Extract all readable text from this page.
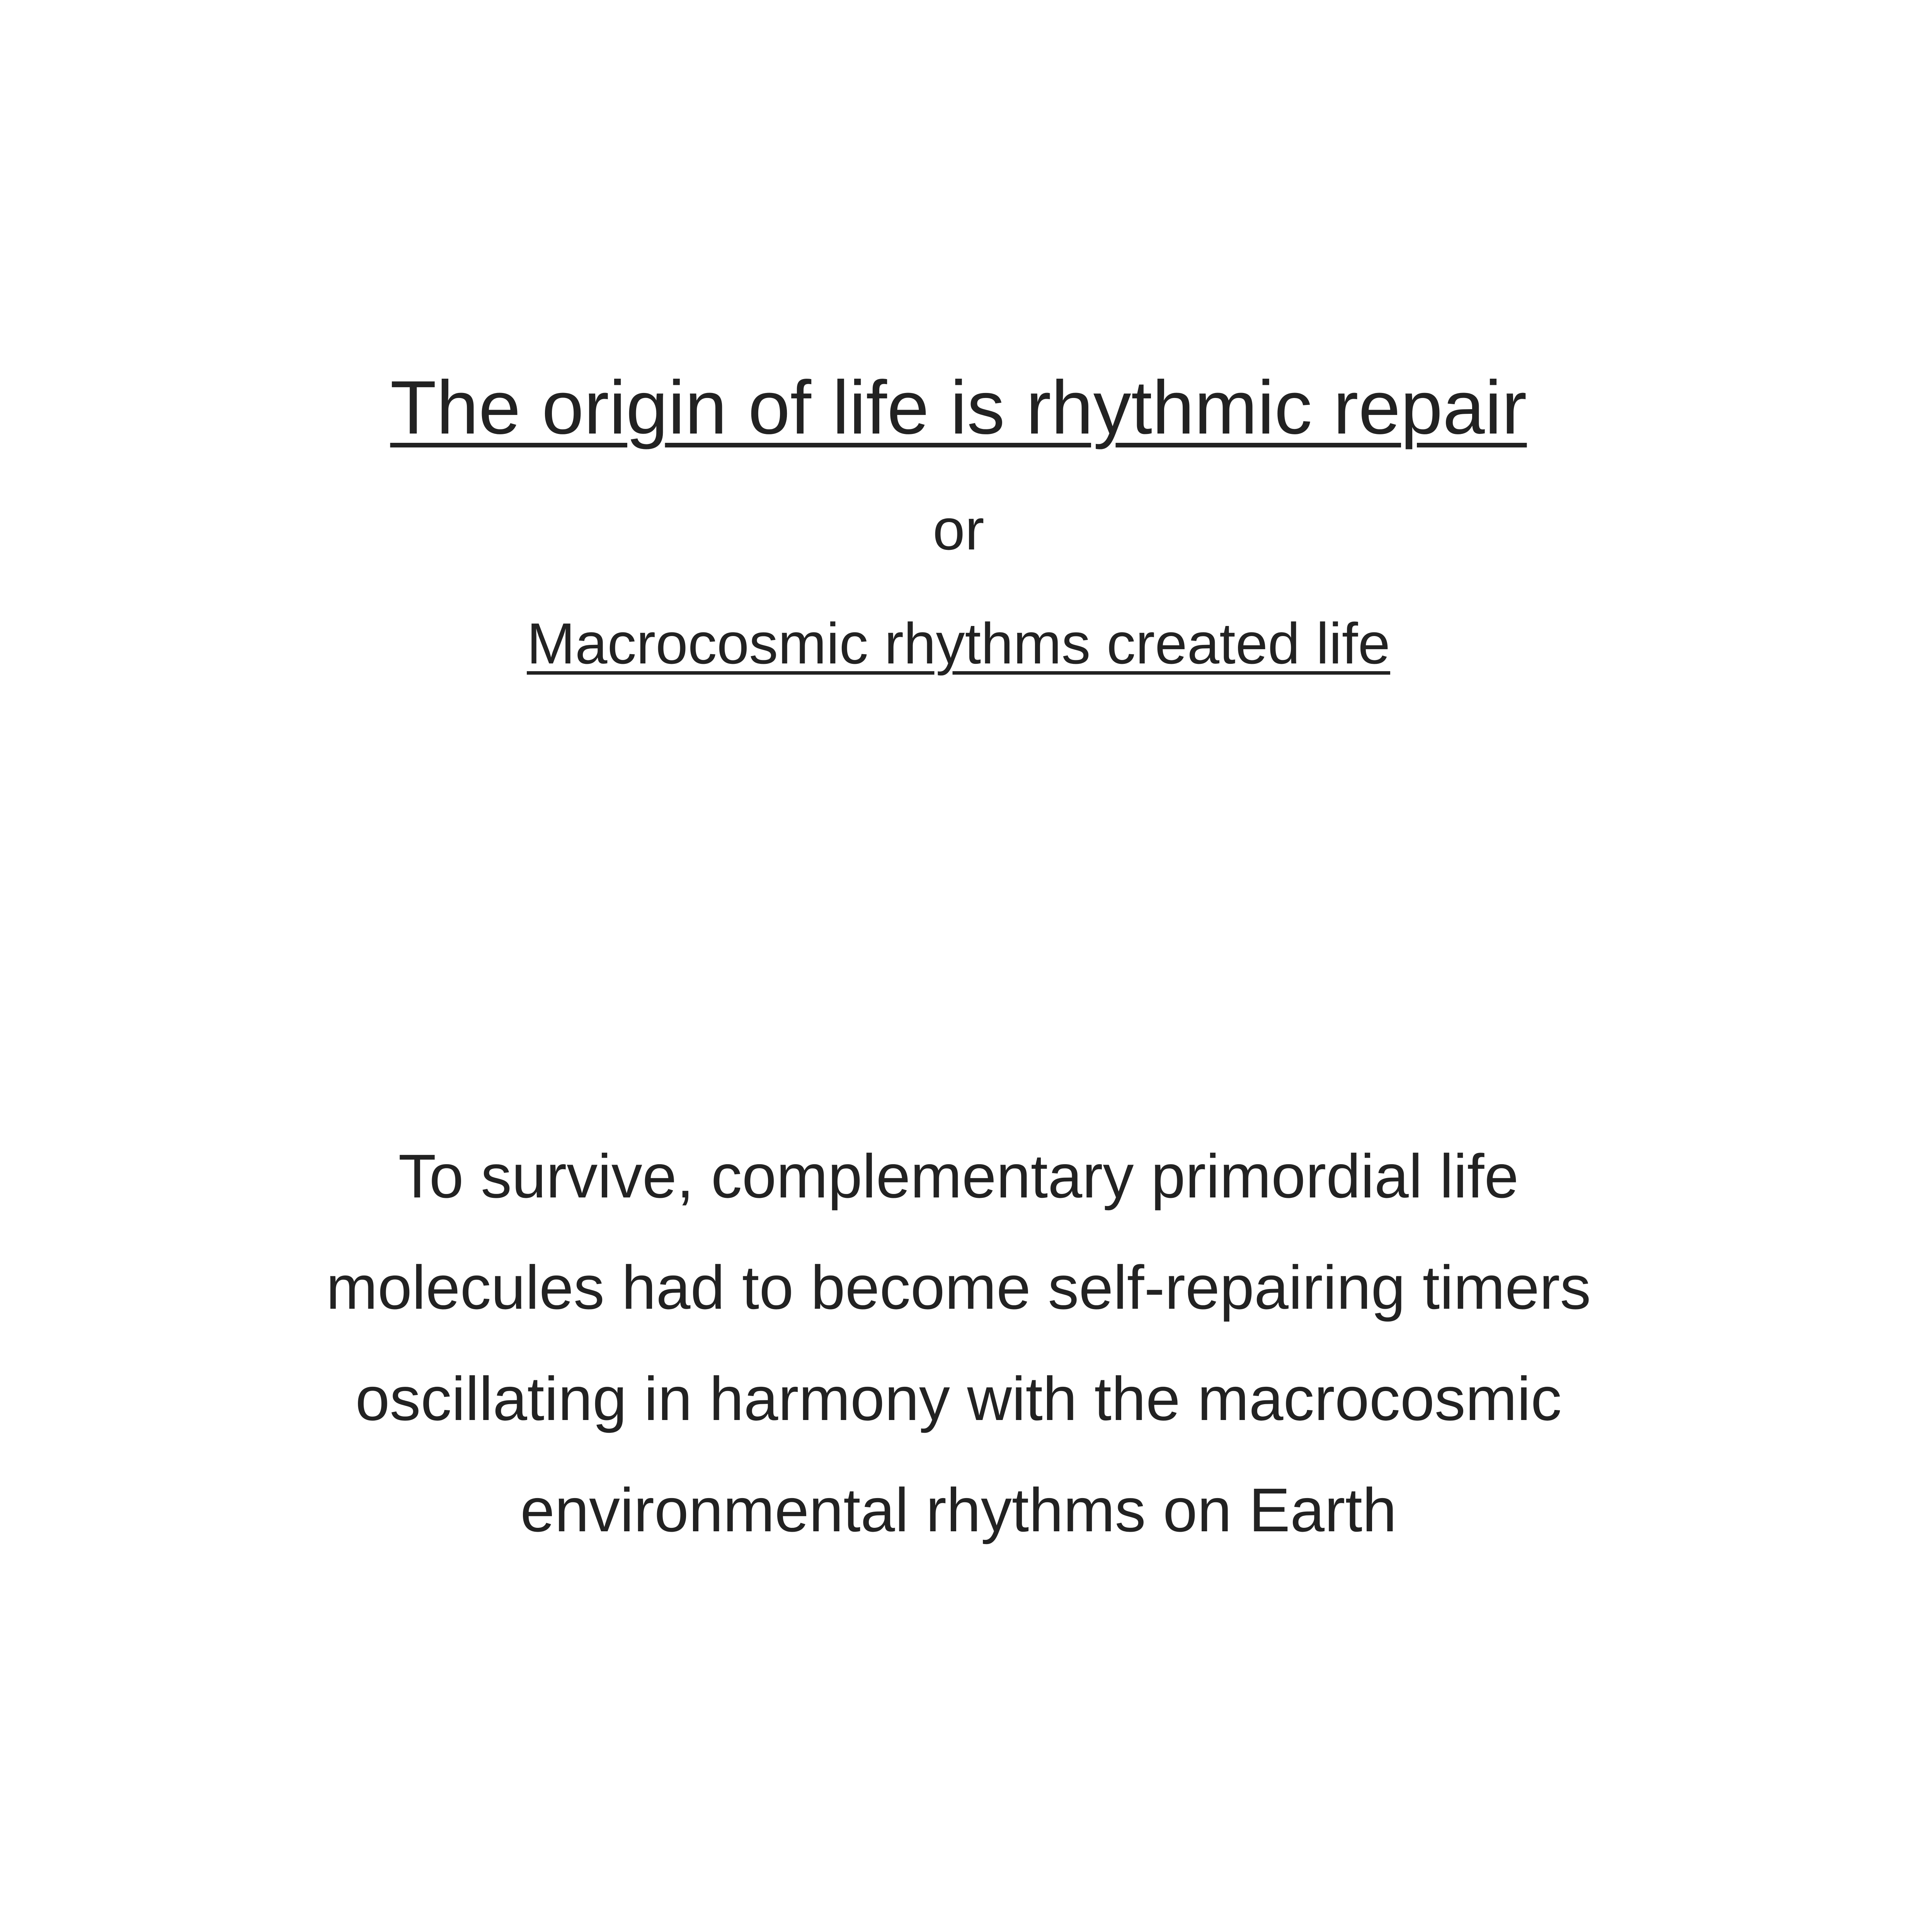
The origin of life is rhythmic repair
or
Macrocosmic rhythms created life
To survive, complementary primordial life
molecules had to become self-repairing timers
oscillating in harmony with the macrocosmic
environmental rhythms on Earth
